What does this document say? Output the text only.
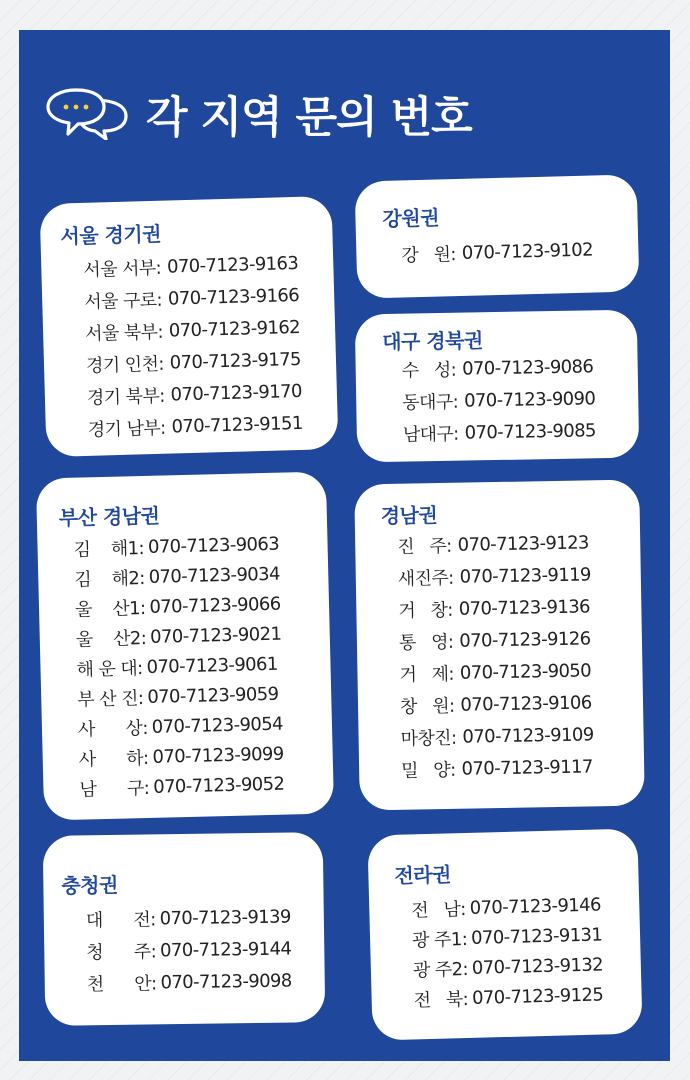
각 지역 문의 번호
서울 경기권
서울 서부: 070-7123-9163
서울 구로: 070-7123-9166
서울 북부: 070-7123-9162
경기 인천: 070-7123-9175
경기 북부: 070-7123-9170
경기 남부: 070-7123-9151
강원권
강   원: 070-7123-9102
대구 경북권
수   성: 070-7123-9086
동대구: 070-7123-9090
남대구: 070-7123-9085
부산 경남권
김    해1: 070-7123-9063
김    해2: 070-7123-9034
울    산1: 070-7123-9066
울    산2: 070-7123-9021
해 운 대: 070-7123-9061
부 산 진: 070-7123-9059
사      상: 070-7123-9054
사      하: 070-7123-9099
남      구: 070-7123-9052
경남권
진   주: 070-7123-9123
새진주: 070-7123-9119
거   창: 070-7123-9136
통   영: 070-7123-9126
거   제: 070-7123-9050
창   원: 070-7123-9106
마창진: 070-7123-9109
밀   양: 070-7123-9117
충청권
대      전: 070-7123-9139
청      주: 070-7123-9144
천      안: 070-7123-9098
전라권
전   남: 070-7123-9146
광 주1: 070-7123-9131
광 주2: 070-7123-9132
전   북: 070-7123-9125
